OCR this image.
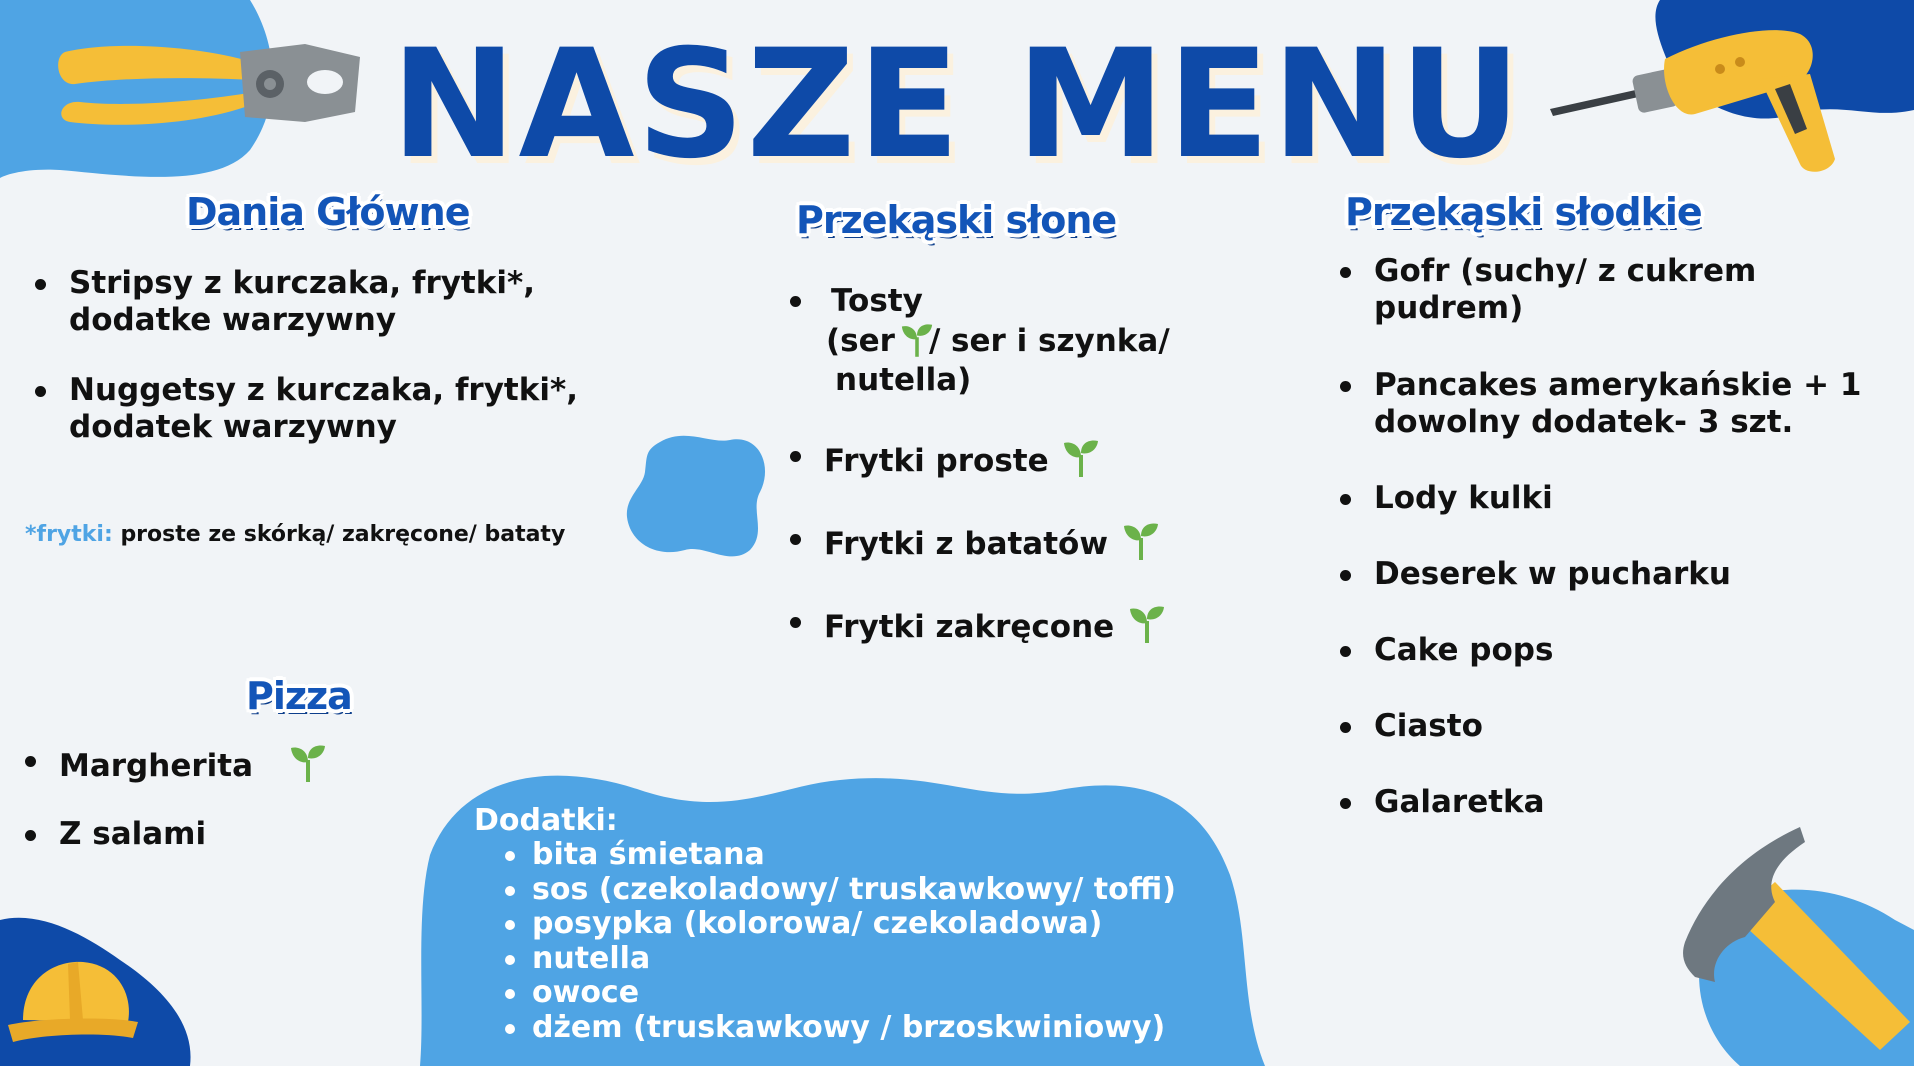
NASZE MENU
Dania Główne
Stripsy z kurczaka, frytki*, dodatke warzywny
Nuggetsy z kurczaka, frytki*, dodatek warzywny
*frytki: proste ze skórką/ zakręcone/ bataty
Pizza
Margherita
Z salami
Przekąski słone
Tosty
(ser / ser i szynka/
nutella)
Frytki proste
Frytki z batatów
Frytki zakręcone
Przekąski słodkie
Gofr (suchy/ z cukrem pudrem)
Pancakes amerykańskie + 1 dowolny dodatek- 3 szt.
Lody kulki
Deserek w pucharku
Cake pops
Ciasto
Galaretka
Dodatki:
bita śmietana
sos (czekoladowy/ truskawkowy/ toffi)
posypka (kolorowa/ czekoladowa)
nutella
owoce
dżem (truskawkowy / brzoskwiniowy)
